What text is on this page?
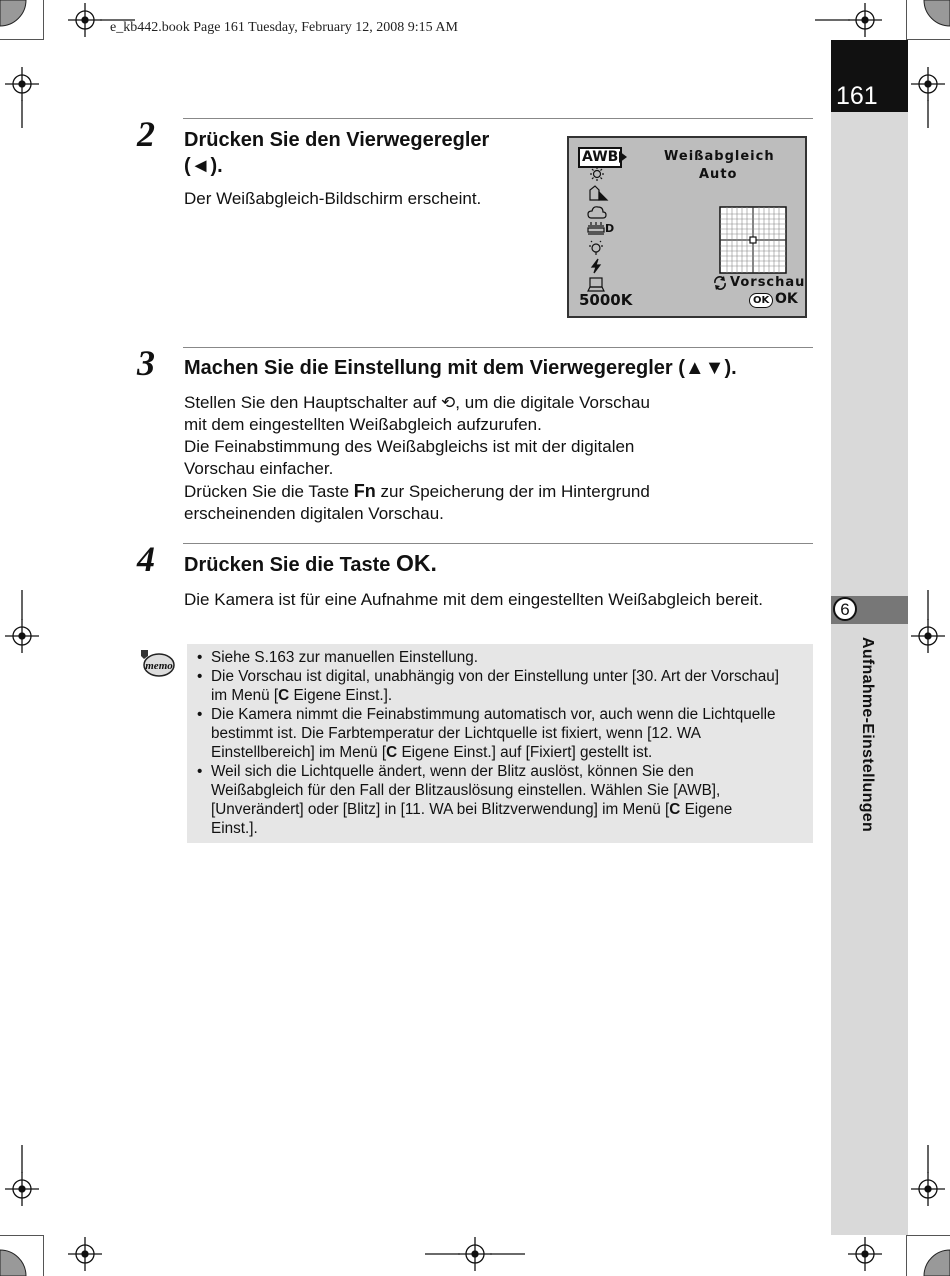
e_kb442.book Page 161 Tuesday, February 12, 2008 9:15 AM
161
6
Aufnahme-Einstellungen
2 Drücken Sie den Vierwegeregler
(◄).
Der Weißabgleich-Bildschirm erscheint.
AWB	Weißabgleich
Auto
D
Vorschau
5000K	OK OK
3 Machen Sie die Einstellung mit dem Vierwegeregler (▲▼).
Stellen Sie den Hauptschalter auf ⟲, um die digitale Vorschau
mit dem eingestellten Weißabgleich aufzurufen.
Die Feinabstimmung des Weißabgleichs ist mit der digitalen
Vorschau einfacher.
Drücken Sie die Taste Fn zur Speicherung der im Hintergrund
erscheinenden digitalen Vorschau.
4 Drücken Sie die Taste OK.
Die Kamera ist für eine Aufnahme mit dem eingestellten Weißabgleich bereit.
memo
•	Siehe S.163 zur manuellen Einstellung.
• Die Vorschau ist digital, unabhängig von der Einstellung unter [30. Art der Vorschau]
im Menü [C Eigene Einst.].
• Die Kamera nimmt die Feinabstimmung automatisch vor, auch wenn die Lichtquelle
bestimmt ist. Die Farbtemperatur der Lichtquelle ist fixiert, wenn [12. WA
Einstellbereich] im Menü [C Eigene Einst.] auf [Fixiert] gestellt ist.
• Weil sich die Lichtquelle ändert, wenn der Blitz auslöst, können Sie den
Weißabgleich für den Fall der Blitzauslösung einstellen. Wählen Sie [AWB],
[Unverändert] oder [Blitz] in [11. WA bei Blitzverwendung] im Menü [C Eigene
Einst.].
